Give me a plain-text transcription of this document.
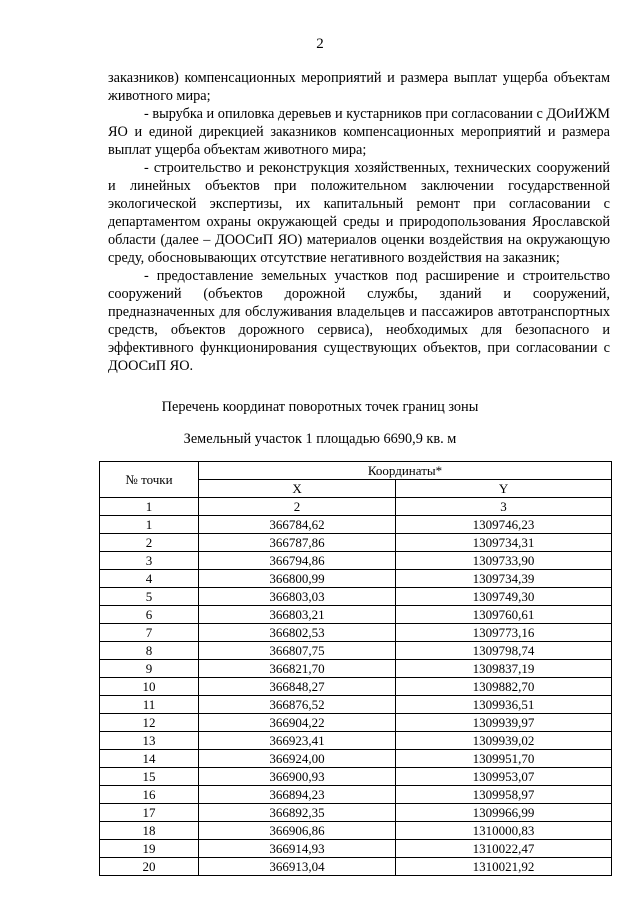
2

заказников) компенсационных мероприятий и размера выплат ущерба объектам животного мира;

- вырубка и опиловка деревьев и кустарников при согласовании с ДОиИЖМ ЯО и единой дирекцией заказников компенсационных мероприятий и размера выплат ущерба объектам животного мира;

- строительство и реконструкция хозяйственных, технических сооружений и линейных объектов при положительном заключении государственной экологической экспертизы, их капитальный ремонт при согласовании с департаментом охраны окружающей среды и природопользования Ярославской области (далее – ДООСиП ЯО) материалов оценки воздействия на окружающую среду, обосновывающих отсутствие негативного воздействия на заказник;

- предоставление земельных участков под расширение и строительство сооружений (объектов дорожной службы, зданий и сооружений, предназначенных для обслуживания владельцев и пассажиров автотранспортных средств, объектов дорожного сервиса), необходимых для безопасного и эффективного функционирования существующих объектов, при согласовании с ДООСиП ЯО.

Перечень координат поворотных точек границ зоны
Земельный участок 1 площадью 6690,9 кв. м
№ точки	Координаты*	
	X	Y
1	2	3
1	366784,62	1309746,23
2	366787,86	1309734,31
3	366794,86	1309733,90
4	366800,99	1309734,39
5	366803,03	1309749,30
6	366803,21	1309760,61
7	366802,53	1309773,16
8	366807,75	1309798,74
9	366821,70	1309837,19
10	366848,27	1309882,70
11	366876,52	1309936,51
12	366904,22	1309939,97
13	366923,41	1309939,02
14	366924,00	1309951,70
15	366900,93	1309953,07
16	366894,23	1309958,97
17	366892,35	1309966,99
18	366906,86	1310000,83
19	366914,93	1310022,47
20	366913,04	1310021,92
